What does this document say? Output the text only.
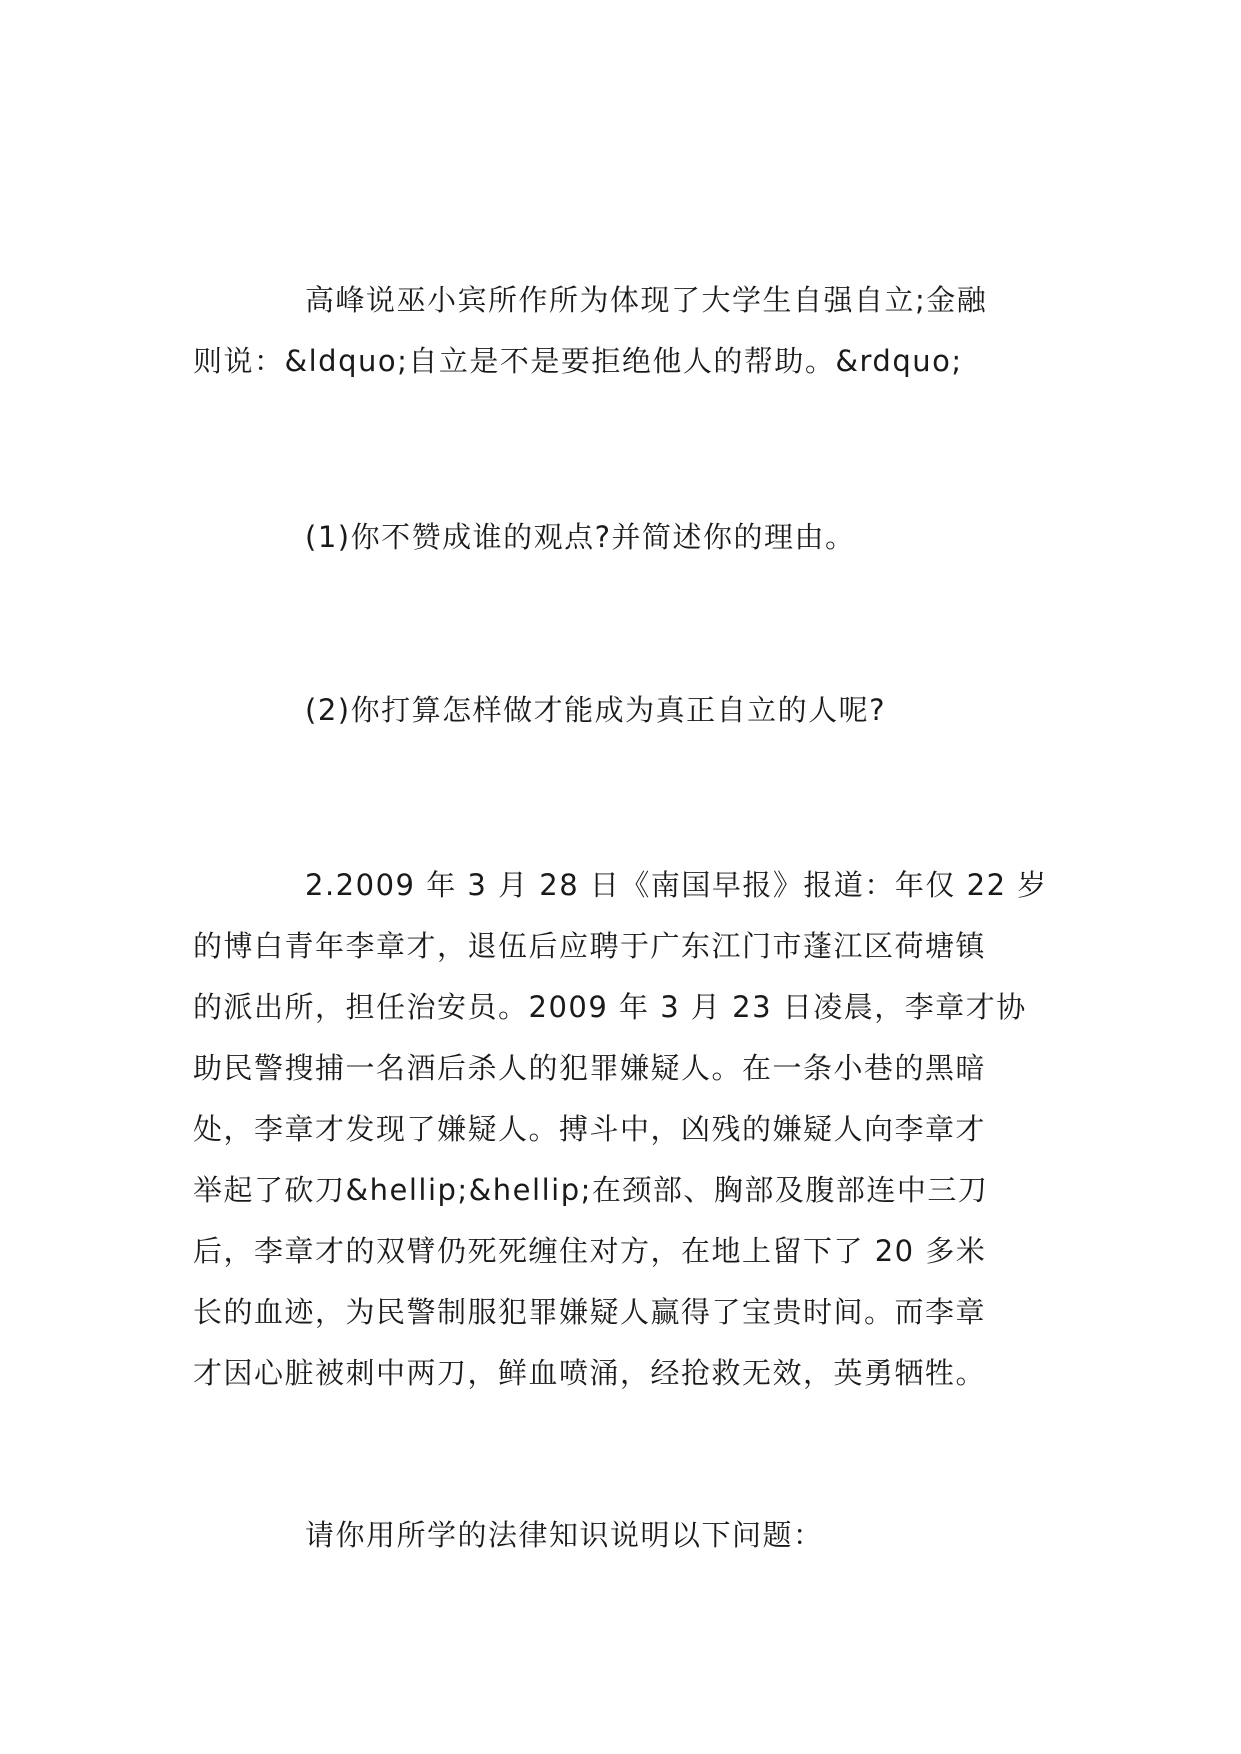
高峰说巫小宾所作所为体现了大学生自强自立;金融
则说：&ldquo;自立是不是要拒绝他人的帮助。&rdquo;
(1)你不赞成谁的观点?并简述你的理由。
(2)你打算怎样做才能成为真正自立的人呢?
2.2009 年 3 月 28 日《南国早报》报道：年仅 22 岁
的博白青年李章才，退伍后应聘于广东江门市蓬江区荷塘镇
的派出所，担任治安员。2009 年 3 月 23 日凌晨，李章才协
助民警搜捕一名酒后杀人的犯罪嫌疑人。在一条小巷的黑暗
处，李章才发现了嫌疑人。搏斗中，凶残的嫌疑人向李章才
举起了砍刀&hellip;&hellip;在颈部、胸部及腹部连中三刀
后，李章才的双臂仍死死缠住对方，在地上留下了 20 多米
长的血迹，为民警制服犯罪嫌疑人赢得了宝贵时间。而李章
才因心脏被刺中两刀，鲜血喷涌，经抢救无效，英勇牺牲。
请你用所学的法律知识说明以下问题：
